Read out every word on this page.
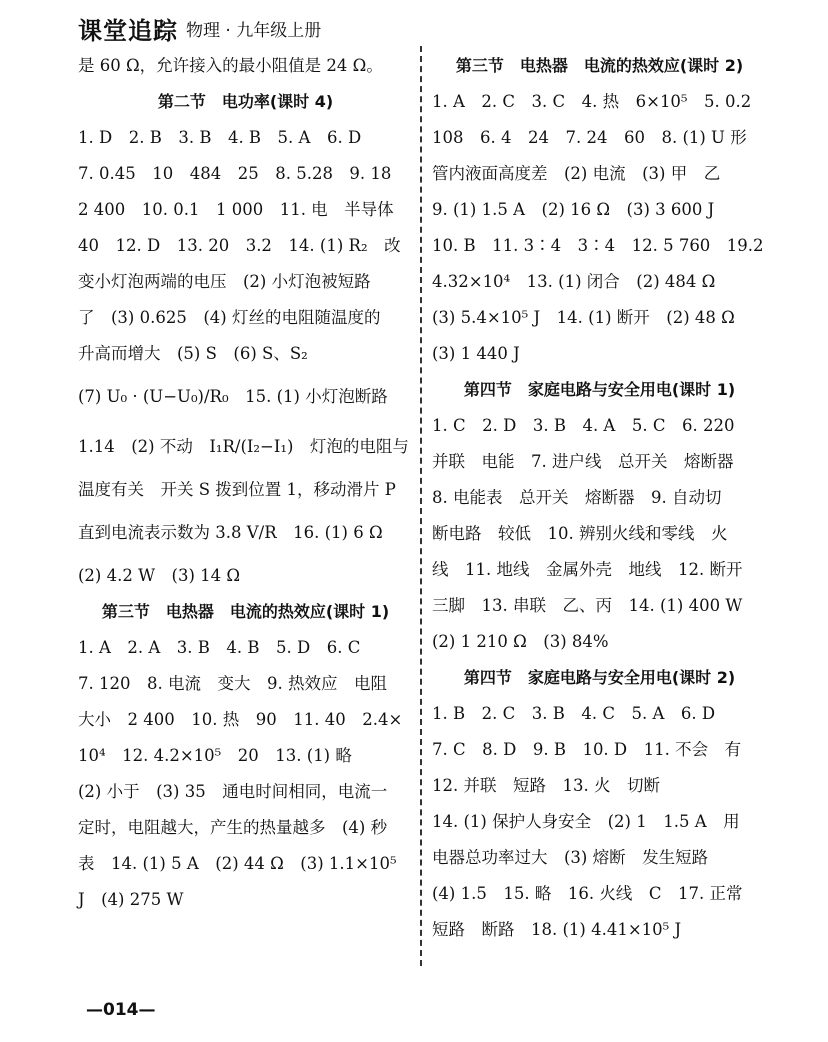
课堂追踪 物理 · 九年级上册
是 60 Ω，允许接入的最小阻值是 24 Ω。
第二节　电功率(课时 4)
1. D　2. B　3. B　4. B　5. A　6. D
7. 0.45　10　484　25　8. 5.28　9. 18
2 400　10. 0.1　1 000　11. 电　半导体
40　12. D　13. 20　3.2　14. (1) R₂　改
变小灯泡两端的电压　(2) 小灯泡被短路
了　(3) 0.625　(4) 灯丝的电阻随温度的
升高而增大　(5) S　(6) S、S₂
(7) U₀ · (U−U₀)/R₀　15. (1) 小灯泡断路
1.14　(2) 不动　I₁R/(I₂−I₁)　灯泡的电阻与
温度有关　开关 S 拨到位置 1，移动滑片 P
直到电流表示数为 3.8 V/R　16. (1) 6 Ω
(2) 4.2 W　(3) 14 Ω
第三节　电热器　电流的热效应(课时 1)
1. A　2. A　3. B　4. B　5. D　6. C
7. 120　8. 电流　变大　9. 热效应　电阻
大小　2 400　10. 热　90　11. 40　2.4×
10⁴　12. 4.2×10⁵　20　13. (1) 略
(2) 小于　(3) 35　通电时间相同，电流一
定时，电阻越大，产生的热量越多　(4) 秒
表　14. (1) 5 A　(2) 44 Ω　(3) 1.1×10⁵
J　(4) 275 W
第三节　电热器　电流的热效应(课时 2)
1. A　2. C　3. C　4. 热　6×10⁵　5. 0.2
108　6. 4　24　7. 24　60　8. (1) U 形
管内液面高度差　(2) 电流　(3) 甲　乙
9. (1) 1.5 A　(2) 16 Ω　(3) 3 600 J
10. B　11. 3∶4　3∶4　12. 5 760　19.2
4.32×10⁴　13. (1) 闭合　(2) 484 Ω
(3) 5.4×10⁵ J　14. (1) 断开　(2) 48 Ω
(3) 1 440 J
第四节　家庭电路与安全用电(课时 1)
1. C　2. D　3. B　4. A　5. C　6. 220
并联　电能　7. 进户线　总开关　熔断器
8. 电能表　总开关　熔断器　9. 自动切
断电路　较低　10. 辨别火线和零线　火
线　11. 地线　金属外壳　地线　12. 断开
三脚　13. 串联　乙、丙　14. (1) 400 W
(2) 1 210 Ω　(3) 84%
第四节　家庭电路与安全用电(课时 2)
1. B　2. C　3. B　4. C　5. A　6. D
7. C　8. D　9. B　10. D　11. 不会　有
12. 并联　短路　13. 火　切断
14. (1) 保护人身安全　(2) 1　1.5 A　用
电器总功率过大　(3) 熔断　发生短路
(4) 1.5　15. 略　16. 火线　C　17. 正常
短路　断路　18. (1) 4.41×10⁵ J
—014—
